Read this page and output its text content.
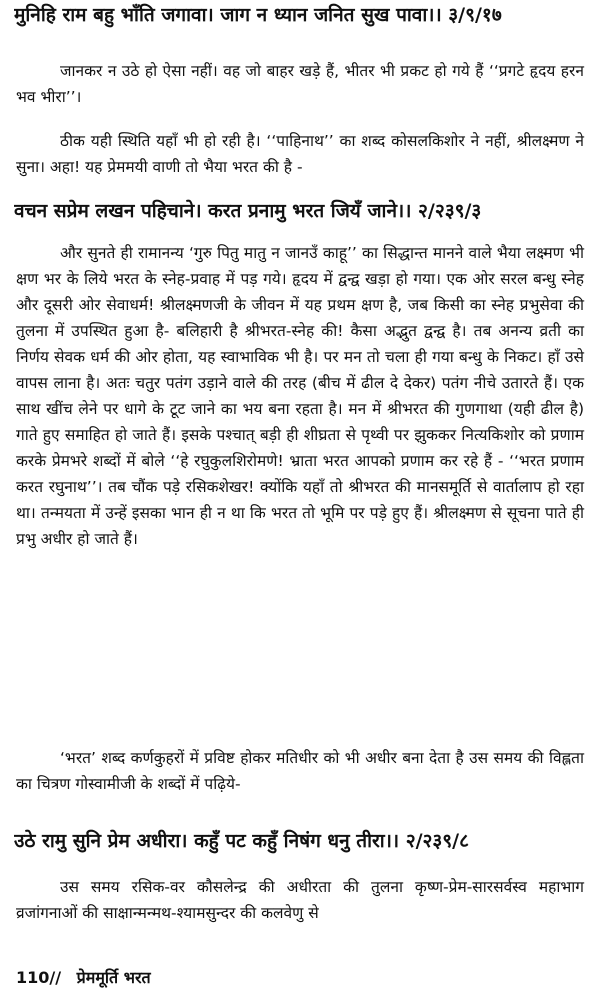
मुनिहि राम बहु भाँति जगावा। जाग न ध्यान जनित सुख पावा।। ३/९/१७

जानकर न उठे हो ऐसा नहीं। वह जो बाहर खड़े हैं, भीतर भी प्रकट हो गये हैं ‘‘प्रगटे हृदय हरन भव भीरा’’।

ठीक यही स्थिति यहाँ भी हो रही है। ‘‘पाहिनाथ’’ का शब्द कोसलकिशोर ने नहीं, श्रीलक्ष्मण ने सुना। अहा! यह प्रेममयी वाणी तो भैया भरत की है -

वचन सप्रेम लखन पहिचाने। करत प्रनामु भरत जियँ जाने।। २/२३९/३

और सुनते ही रामानन्य ‘गुरु पितु मातु न जानउँ काहू’’ का सिद्धान्त मानने वाले भैया लक्ष्मण भी क्षण भर के लिये भरत के स्नेह-प्रवाह में पड़ गये। हृदय में द्वन्द्व खड़ा हो गया। एक ओर सरल बन्धु स्नेह और दूसरी ओर सेवाधर्म! श्रीलक्ष्मणजी के जीवन में यह प्रथम क्षण है, जब किसी का स्नेह प्रभुसेवा की तुलना में उपस्थित हुआ है- बलिहारी है श्रीभरत-स्नेह की! कैसा अद्भुत द्वन्द्व है। तब अनन्य व्रती का निर्णय सेवक धर्म की ओर होता, यह स्वाभाविक भी है। पर मन तो चला ही गया बन्धु के निकट। हाँ उसे वापस लाना है। अतः चतुर पतंग उड़ाने वाले की तरह (बीच में ढील दे देकर) पतंग नीचे उतारते हैं। एक साथ खींच लेने पर धागे के टूट जाने का भय बना रहता है। मन में श्रीभरत की गुणगाथा (यही ढील है) गाते हुए समाहित हो जाते हैं। इसके पश्चात् बड़ी ही शीघ्रता से पृथ्वी पर झुककर नित्यकिशोर को प्रणाम करके प्रेमभरे शब्दों में बोले ‘‘हे रघुकुलशिरोमणे! भ्राता भरत आपको प्रणाम कर रहे हैं - ‘‘भरत प्रणाम करत रघुनाथ’’। तब चौंक पड़े रसिकशेखर! क्योंकि यहाँ तो श्रीभरत की मानसमूर्ति से वार्तालाप हो रहा था। तन्मयता में उन्हें इसका भान ही न था कि भरत तो भूमि पर पड़े हुए हैं। श्रीलक्ष्मण से सूचना पाते ही प्रभु अधीर हो जाते हैं।

‘भरत’ शब्द कर्णकुहरों में प्रविष्ट होकर मतिधीर को भी अधीर बना देता है उस समय की विह्लता का चित्रण गोस्वामीजी के शब्दों में पढ़िये-

उठे रामु सुनि प्रेम अधीरा। कहुँ पट कहुँ निषंग धनु तीरा।। २/२३९/८

उस समय रसिक-वर कौसलेन्द्र की अधीरता की तुलना कृष्ण-प्रेम-सारसर्वस्व महाभाग व्रजांगनाओं की साक्षान्मन्मथ-श्यामसुन्दर की कलवेणु से

110// प्रेममूर्ति भरत
